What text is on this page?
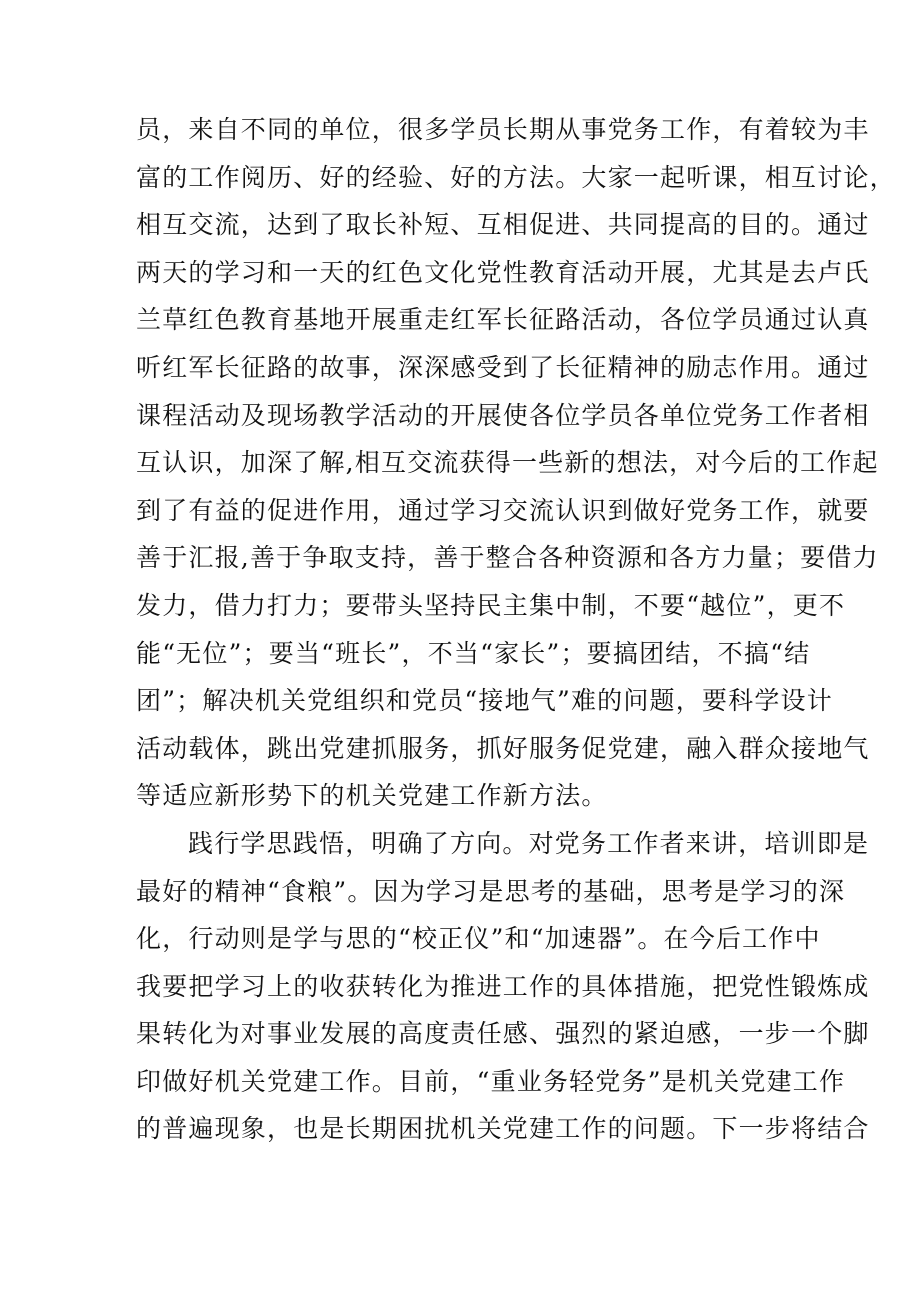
员，来自不同的单位，很多学员长期从事党务工作，有着较为丰
富的工作阅历、好的经验、好的方法。大家一起听课，相互讨论，
相互交流，达到了取长补短、互相促进、共同提高的目的。通过
两天的学习和一天的红色文化党性教育活动开展，尤其是去卢氏
兰草红色教育基地开展重走红军长征路活动，各位学员通过认真
听红军长征路的故事，深深感受到了长征精神的励志作用。通过
课程活动及现场教学活动的开展使各位学员各单位党务工作者相
互认识，加深了解,相互交流获得一些新的想法，对今后的工作起
到了有益的促进作用，通过学习交流认识到做好党务工作，就要
善于汇报,善于争取支持，善于整合各种资源和各方力量；要借力
发力，借力打力；要带头坚持民主集中制，不要“越位”，更不
能“无位”；要当“班长”，不当“家长”；要搞团结，不搞“结
团”；解决机关党组织和党员“接地气”难的问题，要科学设计
活动载体，跳出党建抓服务，抓好服务促党建，融入群众接地气
等适应新形势下的机关党建工作新方法。
践行学思践悟，明确了方向。对党务工作者来讲，培训即是
最好的精神“食粮”。因为学习是思考的基础，思考是学习的深
化，行动则是学与思的“校正仪”和“加速器”。在今后工作中
我要把学习上的收获转化为推进工作的具体措施，把党性锻炼成
果转化为对事业发展的高度责任感、强烈的紧迫感，一步一个脚
印做好机关党建工作。目前，“重业务轻党务”是机关党建工作
的普遍现象，也是长期困扰机关党建工作的问题。下一步将结合
